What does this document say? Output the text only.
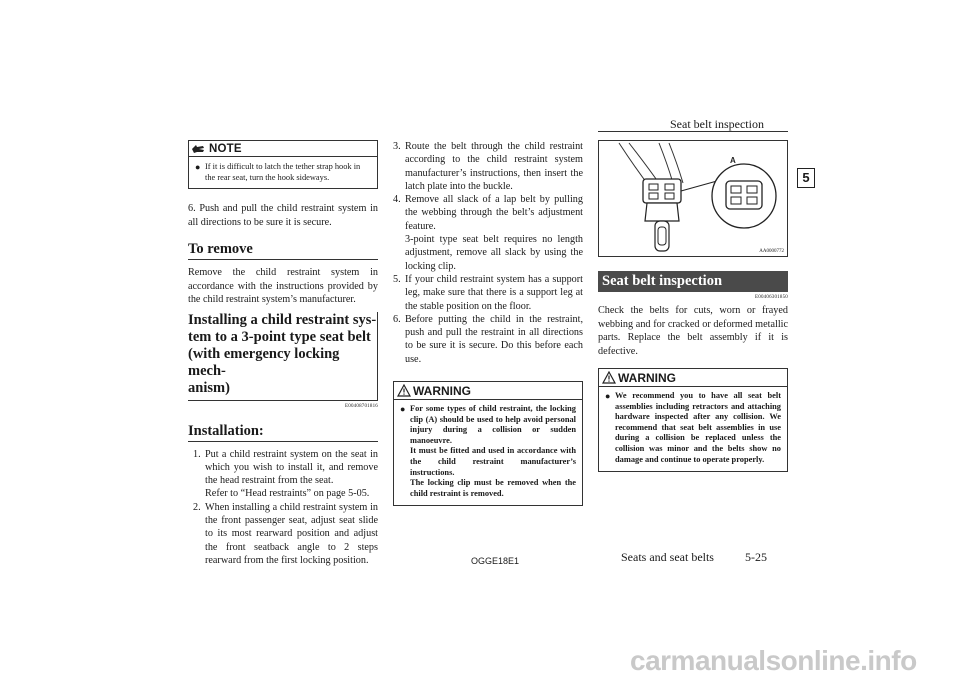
Seat belt inspection
5
NOTE
● If it is difficult to latch the tether strap hook in the rear seat, turn the hook sideways.

6. Push and pull the child restraint system in all directions to be sure it is secure.

To remove

Remove the child restraint system in accordance with the instructions provided by the child restraint system’s manufacturer.

Installing a child restraint sys-
tem to a 3-point type seat belt
(with emergency locking mech-
anism)
E00408701816
Installation:
1. Put a child restraint system on the seat in which you wish to install it, and remove the head restraint from the seat.
Refer to “Head restraints” on page 5-05.
2. When installing a child restraint system in the front passenger seat, adjust seat slide to its most rearward position and adjust the front seatback angle to 2 steps rearward from the first locking position.
3. Route the belt through the child restraint according to the child restraint system manufacturer’s instructions, then insert the latch plate into the buckle.
4. Remove all slack of a lap belt by pulling the webbing through the belt’s adjustment feature.
3-point type seat belt requires no length adjustment, remove all slack by using the locking clip.
5. If your child restraint system has a support leg, make sure that there is a support leg at the stable position on the floor.
6. Before putting the child in the restraint, push and pull the restraint in all directions to be sure it is secure. Do this before each use.
WARNING
● For some types of child restraint, the locking clip (A) should be used to help avoid personal injury during a collision or sudden manoeuvre.
It must be fitted and used in accordance with the child restraint manufacturer’s instructions.
The locking clip must be removed when the child restraint is removed.
A
AA0000772
Seat belt inspection
E00406301850

Check the belts for cuts, worn or frayed webbing and for cracked or deformed metallic parts. Replace the belt assembly if it is defective.

WARNING
● We recommend you to have all seat belt assemblies including retractors and attaching hardware inspected after any collision. We recommend that seat belt assemblies in use during a collision be replaced unless the collision was minor and the belts show no damage and continue to operate properly.
OGGE18E1	Seats and seat belts	5-25
carmanualsonline.info
